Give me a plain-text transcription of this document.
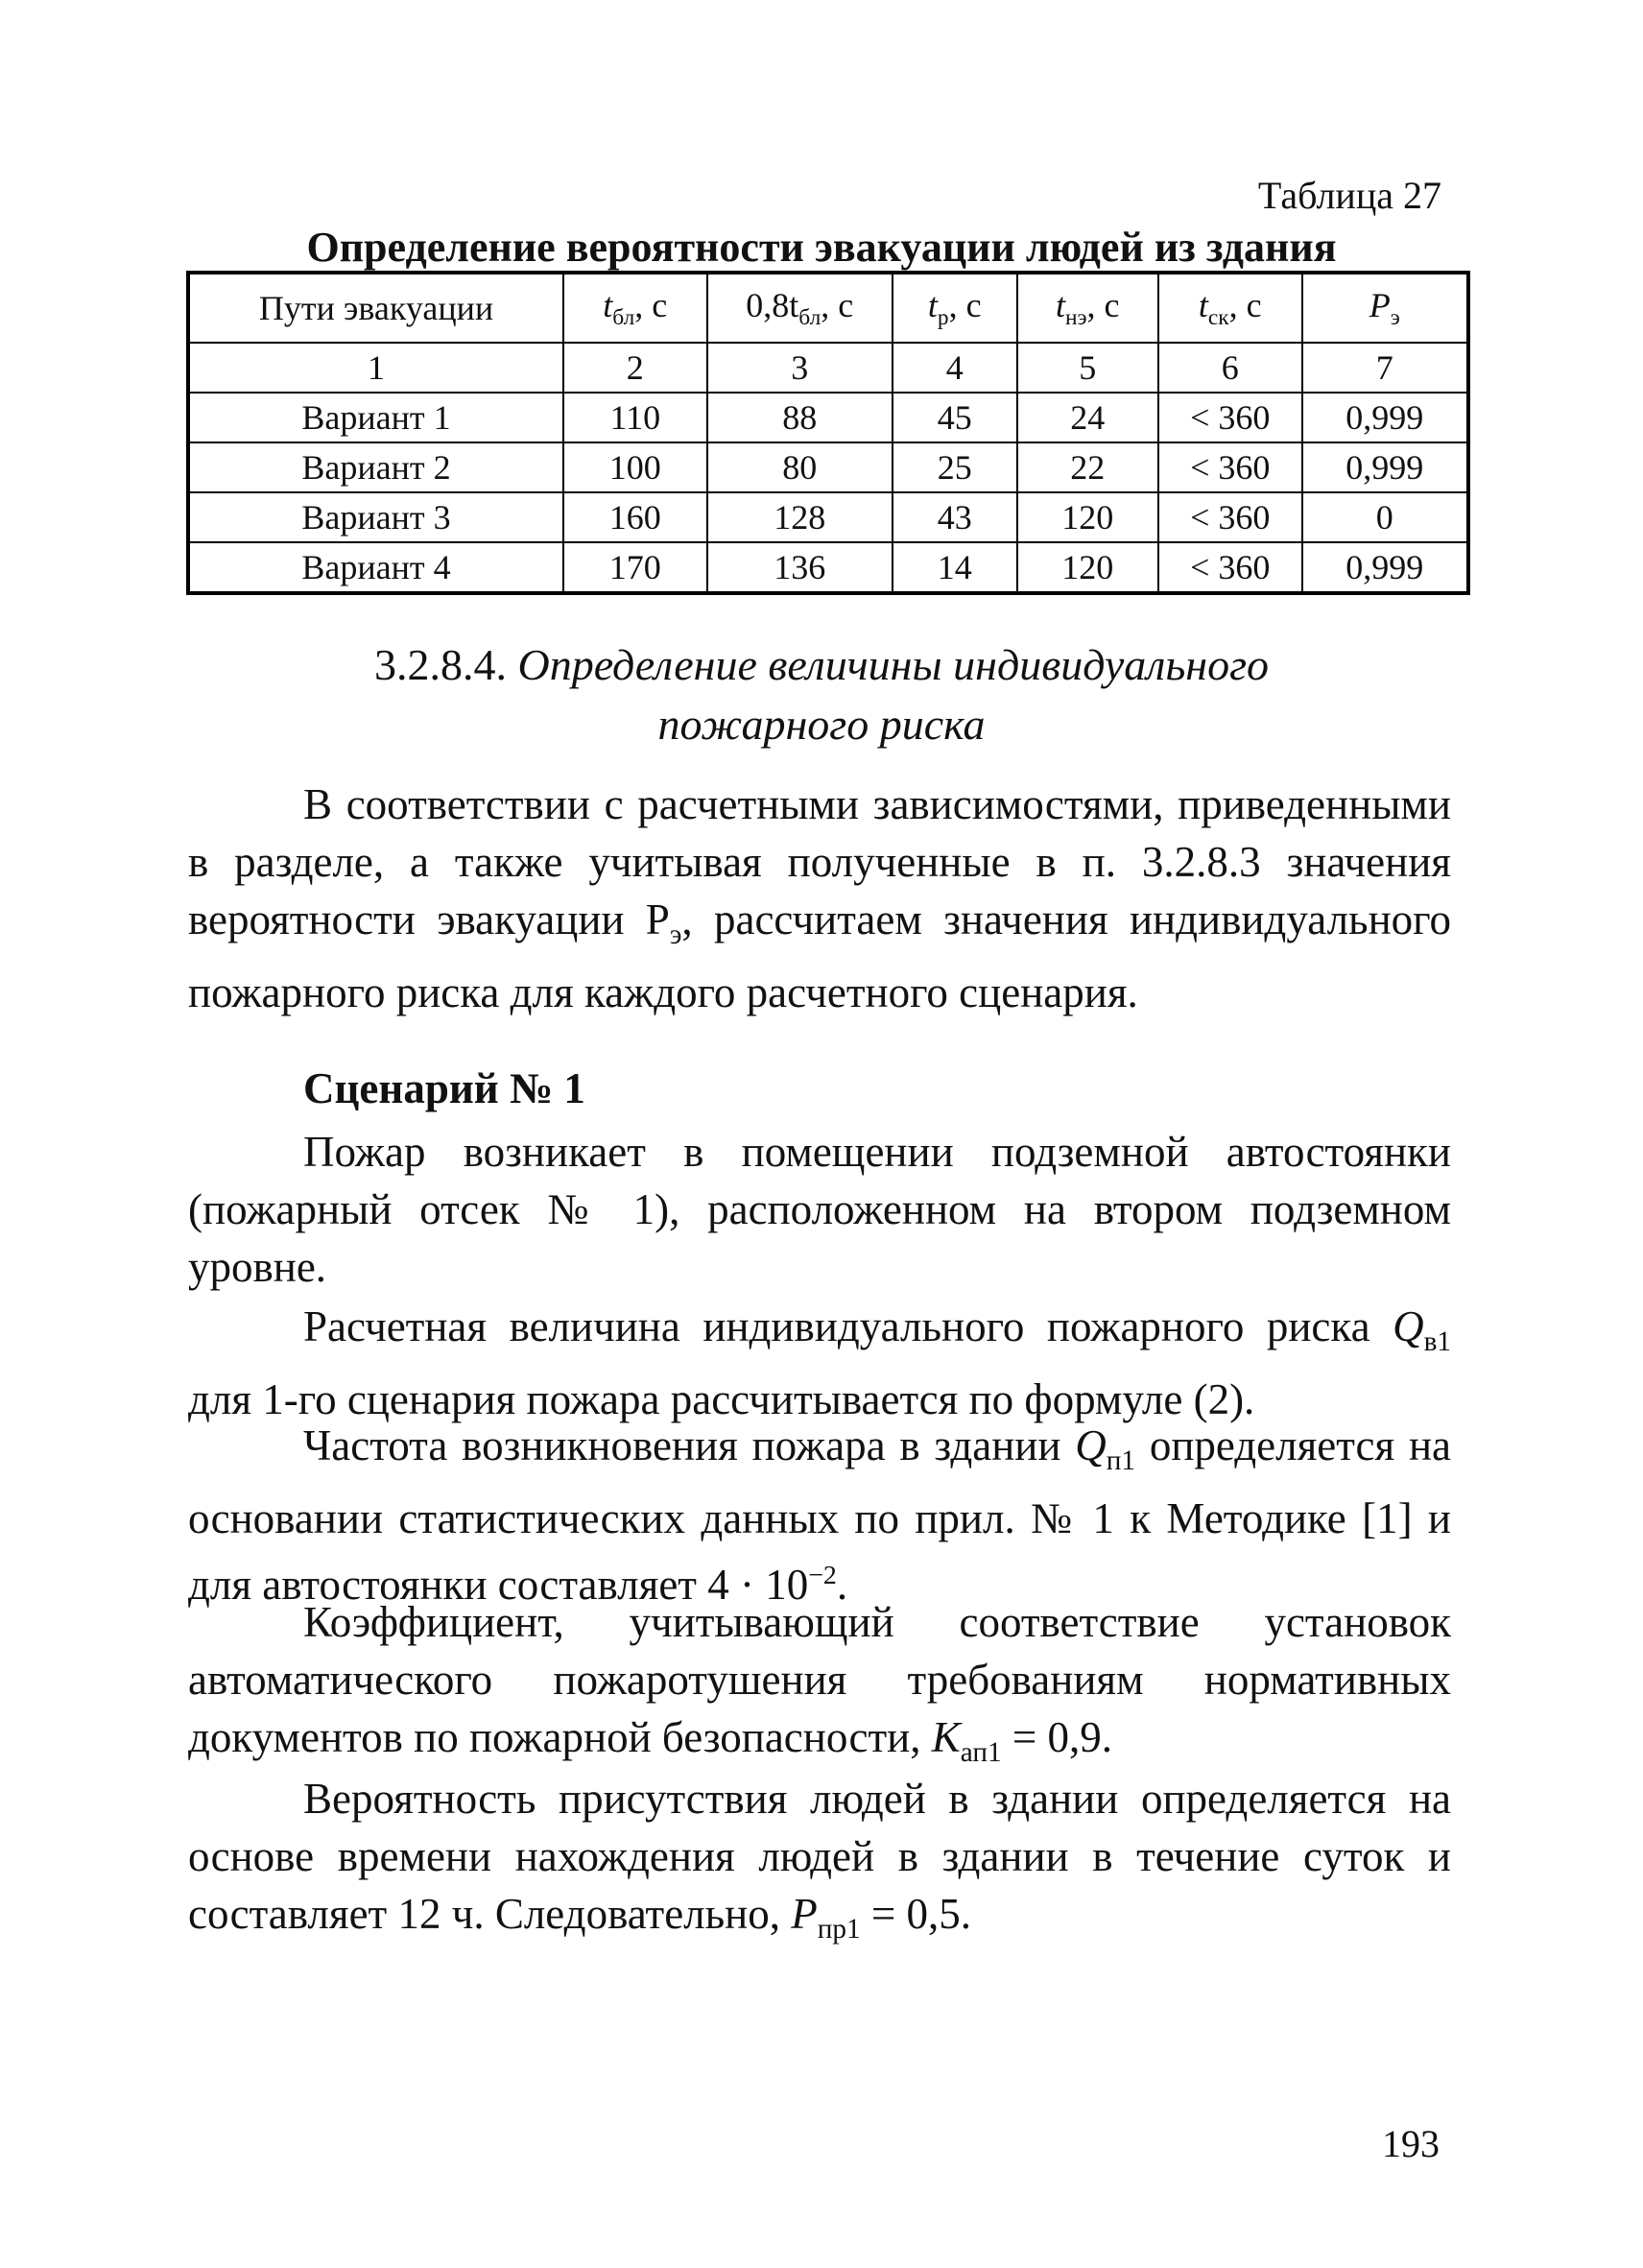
Таблица 27
Определение вероятности эвакуации людей из здания
Пути эвакуации	$t_{бл}$, с	$0,8t_{бл}$, с	$t_р$, с	$t_{нэ}$, с	$t_{ск}$, с	$P_э$
1	2	3	4	5	6	7
Вариант 1	110	88	45	24	< 360	0,999
Вариант 2	100	80	25	22	< 360	0,999
Вариант 3	160	128	43	120	< 360	0
Вариант 4	170	136	14	120	< 360	0,999
3.2.8.4. Определение величины индивидуального
пожарного риска

В соответствии с расчетными зависимостями, приведенными в разделе, а также учитывая полученные в п. 3.2.8.3 значения вероятности эвакуации $P_э$, рассчитаем значения индивидуального пожарного риска для каждого расчетного сценария.

Сценарий № 1

Пожар возникает в помещении подземной автостоянки (пожарный отсек № 1), расположенном на втором подземном уровне.

Расчетная величина индивидуального пожарного риска $Q_{в1}$ для 1-го сценария пожара рассчитывается по формуле (2).

Частота возникновения пожара в здании $Q_{п1}$ определяется на основании статистических данных по прил. № 1 к Методике [1] и для автостоянки составляет $4 \cdot 10^{-2}$.

Коэффициент, учитывающий соответствие установок автоматического пожаротушения требованиям нормативных документов по пожарной безопасности, $K_{ап1} = 0,9$.

Вероятность присутствия людей в здании определяется на основе времени нахождения людей в здании в течение суток и составляет 12 ч. Следовательно, $P_{пр1} = 0,5$.

193
